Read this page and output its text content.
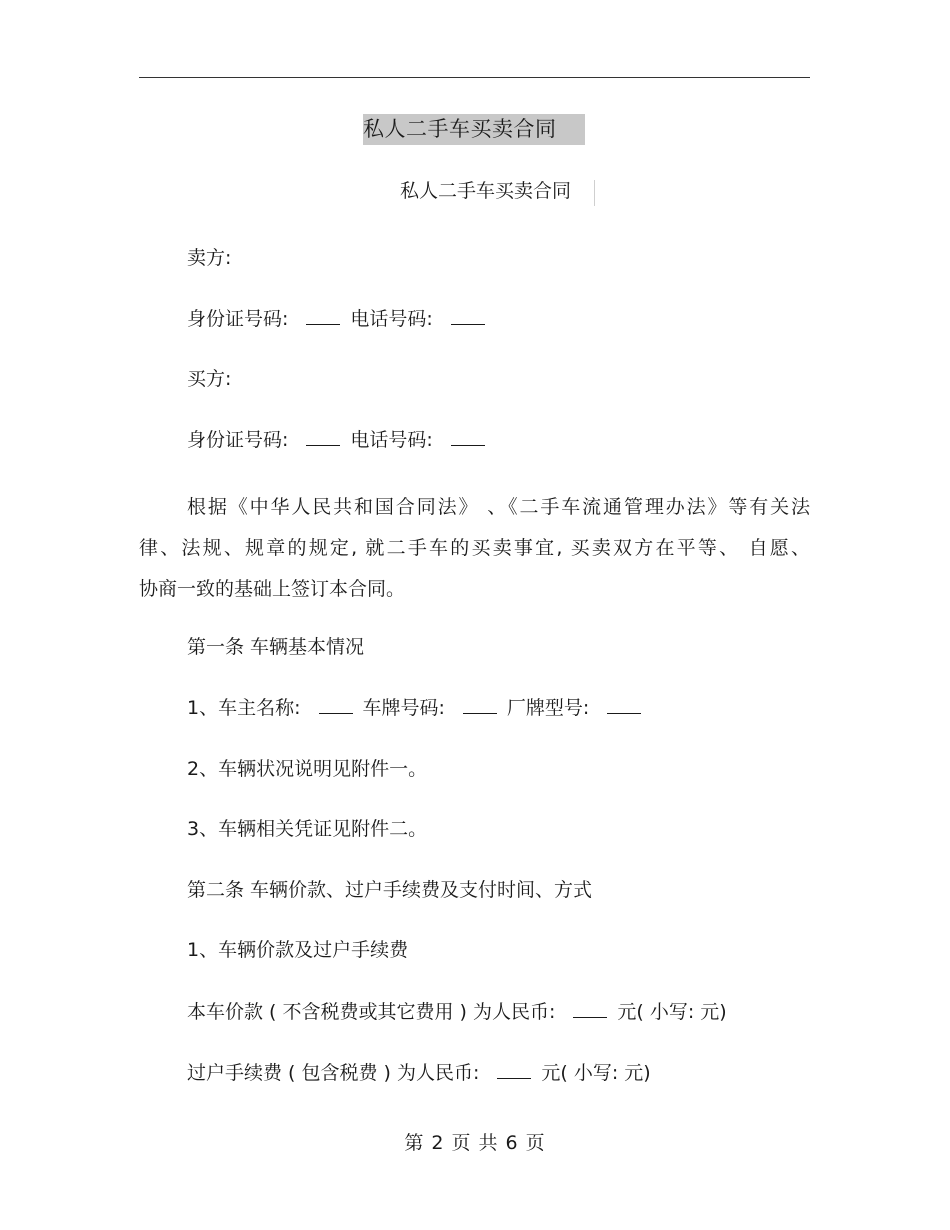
私人二手车买卖合同
私人二手车买卖合同
卖方:
身份证号码:	电话号码:
买方:
身份证号码:	电话号码:

根据《中华人民共和国合同法》 、《二手车流通管理办法》等有关法

律、法规、规章的规定, 就二手车的买卖事宜, 买卖双方在平等、 自愿、

协商一致的基础上签订本合同。

第一条 车辆基本情况
1、车主名称:	车牌号码:	厂牌型号:
2、车辆状况说明见附件一。
3、车辆相关凭证见附件二。
第二条 车辆价款、过户手续费及支付时间、方式
1、车辆价款及过户手续费
本车价款 ( 不含税费或其它费用 ) 为人民币:	元( 小写: 元)
过户手续费 ( 包含税费 ) 为人民币:	元( 小写: 元)
第 2 页 共 6 页
